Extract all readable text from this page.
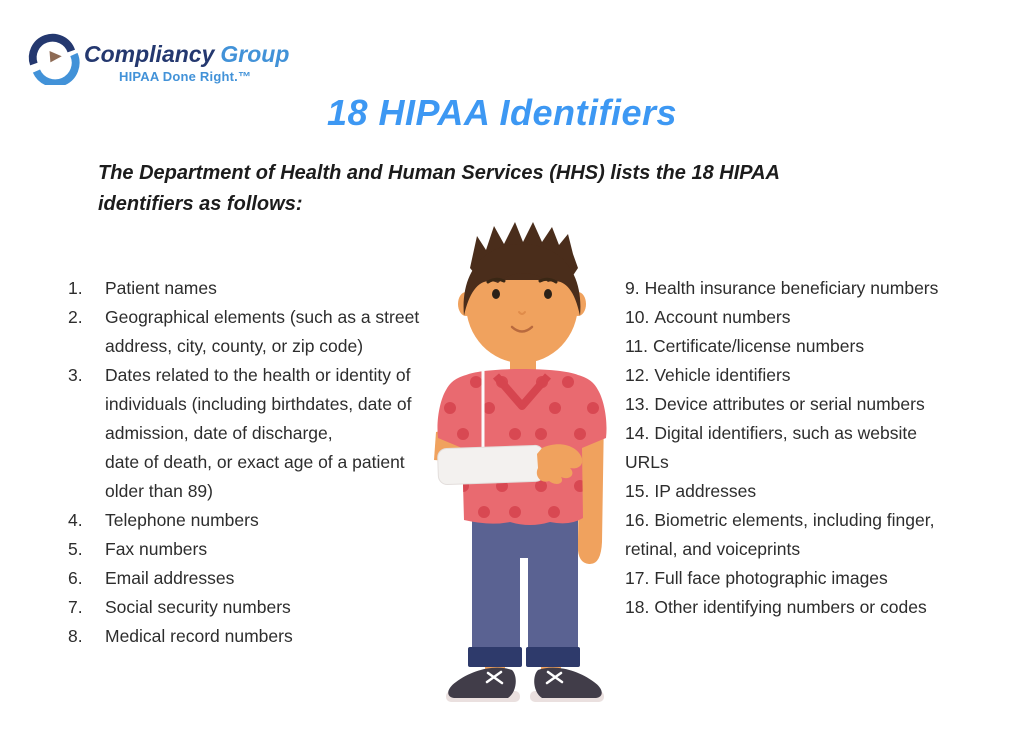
Compliancy Group
HIPAA Done Right.™
18 HIPAA Identifiers
The Department of Health and Human Services (HHS) lists the 18 HIPAA
identifiers as follows:
1.	Patient names
2.	Geographical elements (such as a street
address, city, county, or zip code)
3.	Dates related to the health or identity of
individuals (including birthdates, date of
admission, date of discharge,
date of death, or exact age of a patient
older than 89)
4.	Telephone numbers
5.	Fax numbers
6.	Email addresses
7.	Social security numbers
8.	Medical record numbers
9. Health insurance beneficiary numbers
10. Account numbers
11. Certificate/license numbers
12. Vehicle identifiers
13. Device attributes or serial numbers
14. Digital identifiers, such as website
URLs
15. IP addresses
16. Biometric elements, including finger,
retinal, and voiceprints
17. Full face photographic images
18. Other identifying numbers or codes
